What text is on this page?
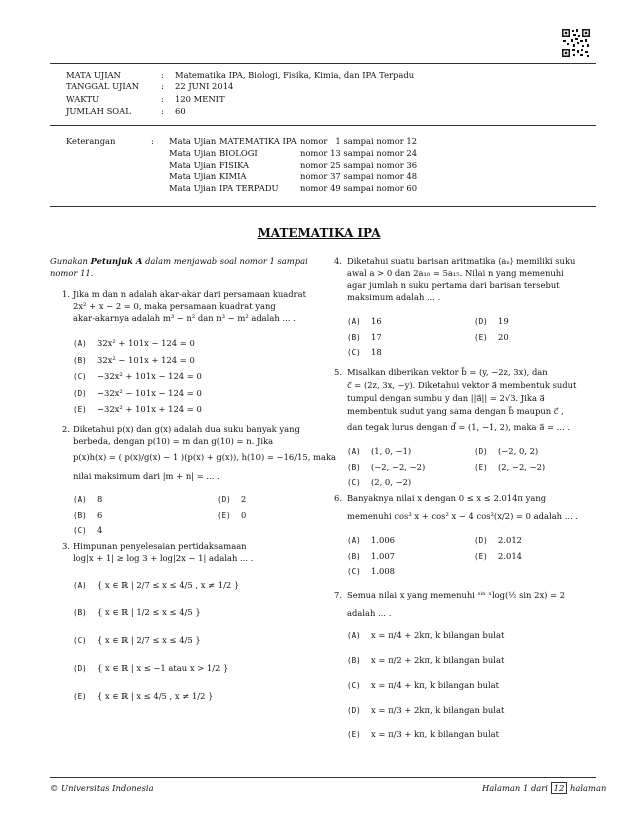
MATA UJIAN	: Matematika IPA, Biologi, Fisika, Kimia, dan IPA Terpadu
TANGGAL UJIAN	: 22 JUNI 2014
WAKTU	: 120 MENIT
JUMLAH SOAL	: 60
Keterangan	: Mata Ujian MATEMATIKA IPA nomor   1 sampai nomor 12
Mata Ujian BIOLOGI	nomor 13 sampai nomor 24
Mata Ujian FISIKA	nomor 25 sampai nomor 36
Mata Ujian KIMIA	nomor 37 sampai nomor 48
Mata Ujian IPA TERPADU	nomor 49 sampai nomor 60
MATEMATIKA IPA
Gunakan Petunjuk A dalam menjawab soal nomor 1 sampai
nomor 11.
1. Jika m dan n adalah akar-akar dari persamaan kuadrat
2x² + x − 2 = 0, maka persamaan kuadrat yang
akar-akarnya adalah m³ − n² dan n³ − m² adalah ... .
(A) 32x² + 101x − 124 = 0
(B) 32x² − 101x + 124 = 0
(C) −32x² + 101x − 124 = 0
(D) −32x² − 101x − 124 = 0
(E) −32x² + 101x + 124 = 0
2. Diketahui p(x) dan g(x) adalah dua suku banyak yang
berbeda, dengan p(10) = m dan g(10) = n. Jika
p(x)h(x) = ( p(x)/g(x) − 1 )(p(x) + g(x)), h(10) = −16/15, maka
nilai maksimum dari |m + n| = ... .
(A) 8
(B) 6
(C) 4
(D) 2
(E) 0
3. Himpunan penyelesaian pertidaksamaan
log|x + 1| ≥ log 3 + log|2x − 1| adalah ... .
(A) { x ∈ ℝ | 2/7 ≤ x ≤ 4/5 , x ≠ 1/2 }
(B) { x ∈ ℝ | 1/2 ≤ x ≤ 4/5 }
(C) { x ∈ ℝ | 2/7 ≤ x ≤ 4/5 }
(D) { x ∈ ℝ | x ≤ −1 atau x > 1/2 }
(E) { x ∈ ℝ | x ≤ 4/5 , x ≠ 1/2 }
4. Diketahui suatu barisan aritmatika ⟨aₙ⟩ memiliki suku
awal a > 0 dan 2a₁₀ = 5a₁₅. Nilai n yang memenuhi
agar jumlah n suku pertama dari barisan tersebut
maksimum adalah ... .
(A) 16
(B) 17
(C) 18
(D) 19
(E) 20
5. Misalkan diberikan vektor b⃗ = (y, −2z, 3x), dan
c⃗ = (2z, 3x, −y). Diketahui vektor a⃗ membentuk sudut
tumpul dengan sumbu y dan ||a⃗|| = 2√3. Jika a⃗
membentuk sudut yang sama dengan b⃗ maupun c⃗ ,
dan tegak lurus dengan d⃗ = (1, −1, 2), maka a⃗ = ... .
(A) (1, 0, −1)
(B) (−2, −2, −2)
(C) (2, 0, −2)
(D) (−2, 0, 2)
(E) (2, −2, −2)
6. Banyaknya nilai x dengan 0 ≤ x ≤ 2.014π yang
memenuhi cos³ x + cos² x − 4 cos²(x/2) = 0 adalah ... .
(A) 1.006
(B) 1.007
(C) 1.008
(D) 2.012
(E) 2.014
7. Semua nilai x yang memenuhi ˢⁱⁿ ˣlog(½ sin 2x) = 2
adalah ... .
(A) x = π/4 + 2kπ, k bilangan bulat
(B) x = π/2 + 2kπ, k bilangan bulat
(C) x = π/4 + kπ, k bilangan bulat
(D) x = π/3 + 2kπ, k bilangan bulat
(E) x = π/3 + kπ, k bilangan bulat
© Universitas Indonesia	Halaman 1 dari 12 halaman
